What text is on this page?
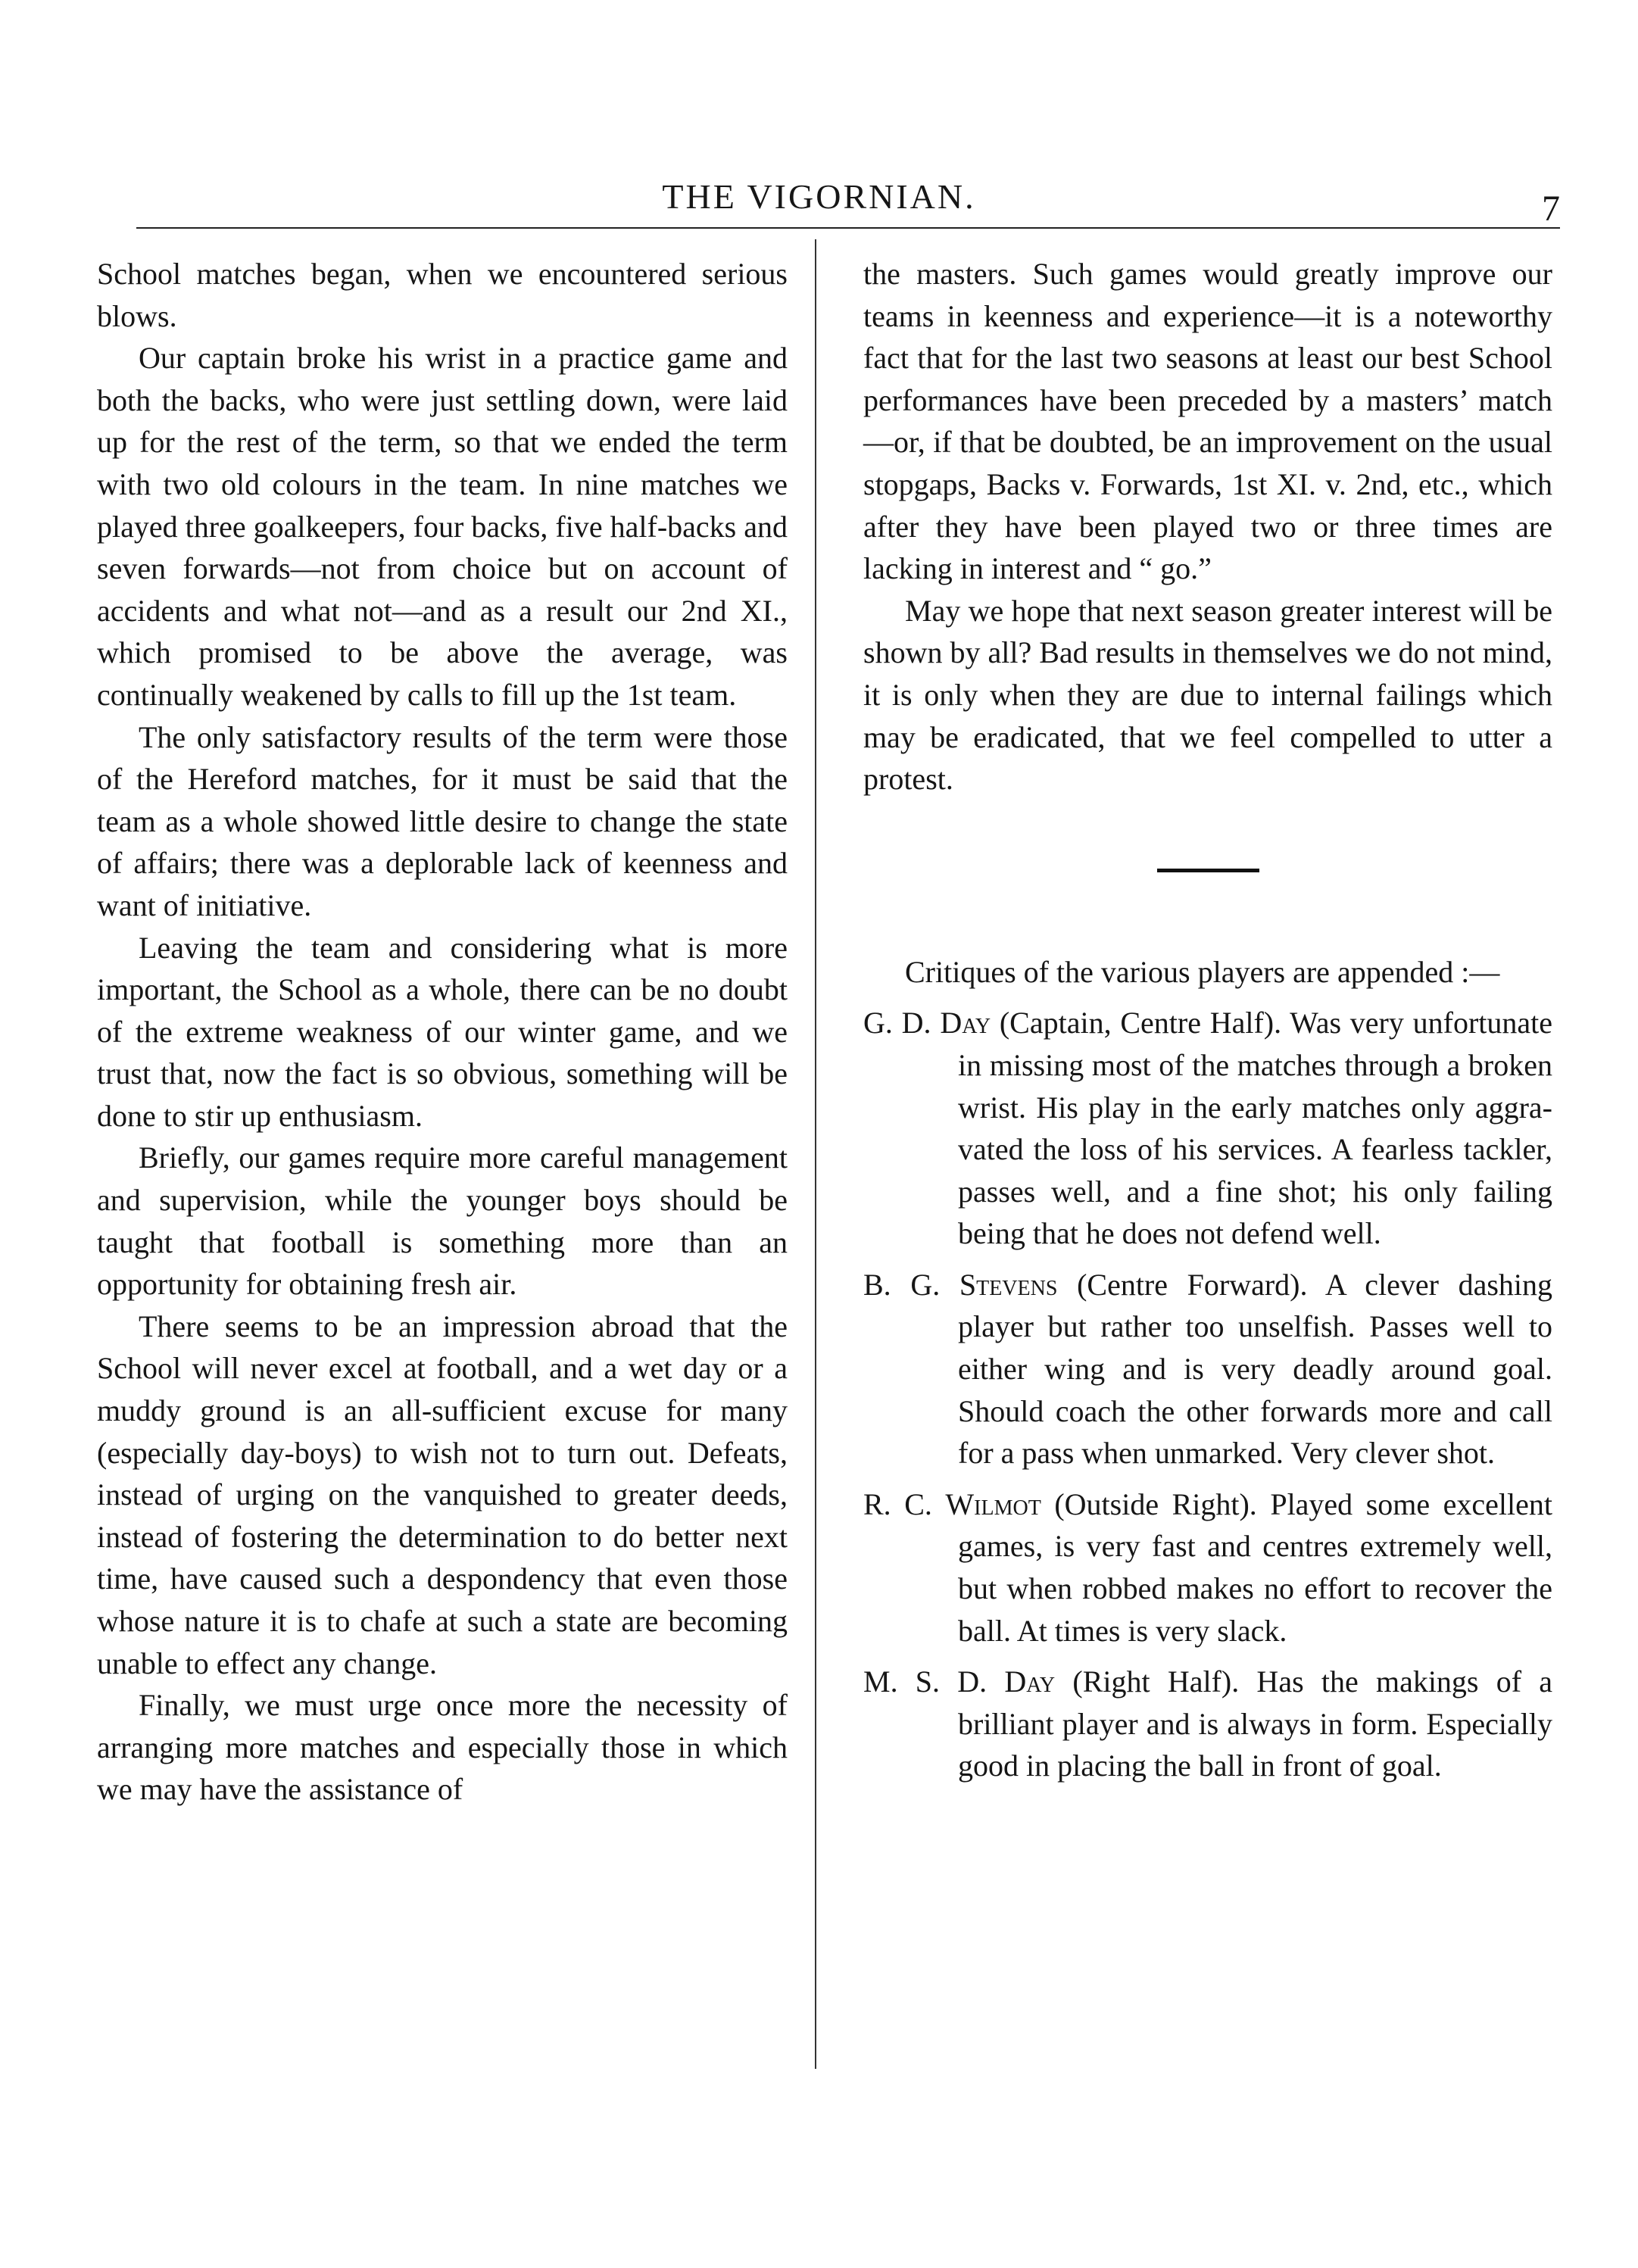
THE VIGORNIAN.	7

School matches began, when we encountered serious blows.

Our captain broke his wrist in a practice game and both the backs, who were just settling down, were laid up for the rest of the term, so that we ended the term with two old colours in the team. In nine matches we played three goalkeepers, four backs, five half-backs and seven forwards—not from choice but on account of accidents and what not—and as a result our 2nd XI., which promised to be above the average, was continually weakened by calls to fill up the 1st team.

The only satisfactory results of the term were those of the Hereford matches, for it must be said that the team as a whole showed little desire to change the state of affairs; there was a deplorable lack of keenness and want of initiative.

Leaving the team and considering what is more important, the School as a whole, there can be no doubt of the extreme weakness of our winter game, and we trust that, now the fact is so obvious, something will be done to stir up enthusiasm.

Briefly, our games require more careful management and supervision, while the younger boys should be taught that football is something more than an opportunity for obtaining fresh air.

There seems to be an impression abroad that the School will never excel at football, and a wet day or a muddy ground is an all-sufficient excuse for many (especially day-boys) to wish not to turn out. Defeats, instead of urging on the vanquished to greater deeds, instead of fostering the determination to do better next time, have caused such a despondency that even those whose nature it is to chafe at such a state are becoming unable to effect any change.

Finally, we must urge once more the necessity of arranging more matches and especially those in which we may have the assistance of

the masters. Such games would greatly improve our teams in keenness and experience—it is a noteworthy fact that for the last two seasons at least our best School performances have been preceded by a masters’ match—or, if that be doubted, be an improvement on the usual stopgaps, Backs v. Forwards, 1st XI. v. 2nd, etc., which after they have been played two or three times are lacking in interest and “ go.”

May we hope that next season greater interest will be shown by all? Bad results in themselves we do not mind, it is only when they are due to internal failings which may be eradicated, that we feel compelled to utter a protest.

Critiques of the various players are appended :—

G. D. Day (Captain, Centre Half). Was very unfortunate in missing most of the matches through a broken wrist. His play in the early matches only aggravated the loss of his services. A fearless tackler, passes well, and a fine shot; his only failing being that he does not defend well.

B. G. Stevens (Centre Forward). A clever dashing player but rather too unselfish. Passes well to either wing and is very deadly around goal. Should coach the other forwards more and call for a pass when unmarked. Very clever shot.

R. C. Wilmot (Outside Right). Played some excellent games, is very fast and centres extremely well, but when robbed makes no effort to recover the ball. At times is very slack.

M. S. D. Day (Right Half). Has the makings of a brilliant player and is always in form. Especially good in placing the ball in front of goal.
